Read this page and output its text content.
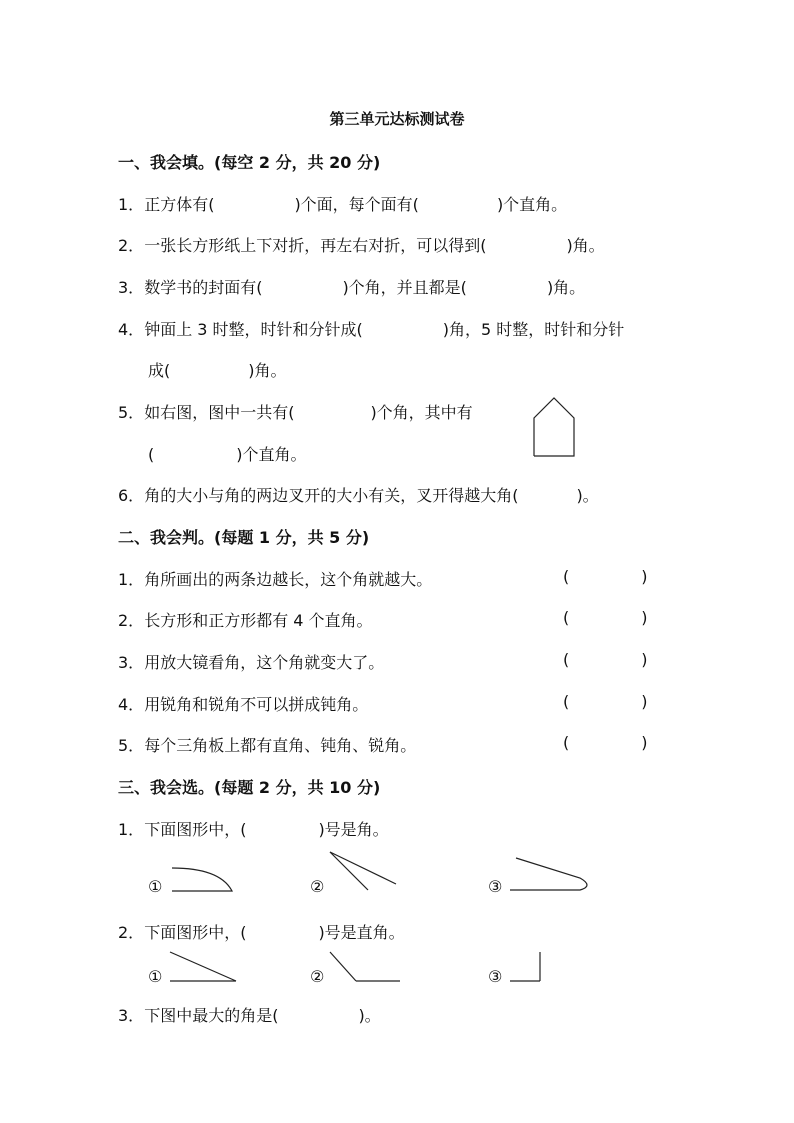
第三单元达标测试卷
一、我会填。(每空 2 分，共 20 分)
1．正方体有(	)个面，每个面有(	)个直角。
2．一张长方形纸上下对折，再左右对折，可以得到(	)角。
3．数学书的封面有(	)个角，并且都是(	)角。
4．钟面上 3 时整，时针和分针成(	)角，5 时整，时针和分针
成(	)角。
5．如右图，图中一共有(	)个角，其中有
(	)个直角。
6．角的大小与角的两边叉开的大小有关，叉开得越大角(	)。
二、我会判。(每题 1 分，共 5 分)
1．角所画出的两条边越长，这个角就越大。
2．长方形和正方形都有 4 个直角。
3．用放大镜看角，这个角就变大了。
4．用锐角和锐角不可以拼成钝角。
5．每个三角板上都有直角、钝角、锐角。
(	)
(	)
(	)
(	)
(	)
三、我会选。(每题 2 分，共 10 分)
1．下面图形中，(	)号是角。
①	②	③
2．下面图形中，(	)号是直角。
①	②	③
3．下图中最大的角是(	)。
